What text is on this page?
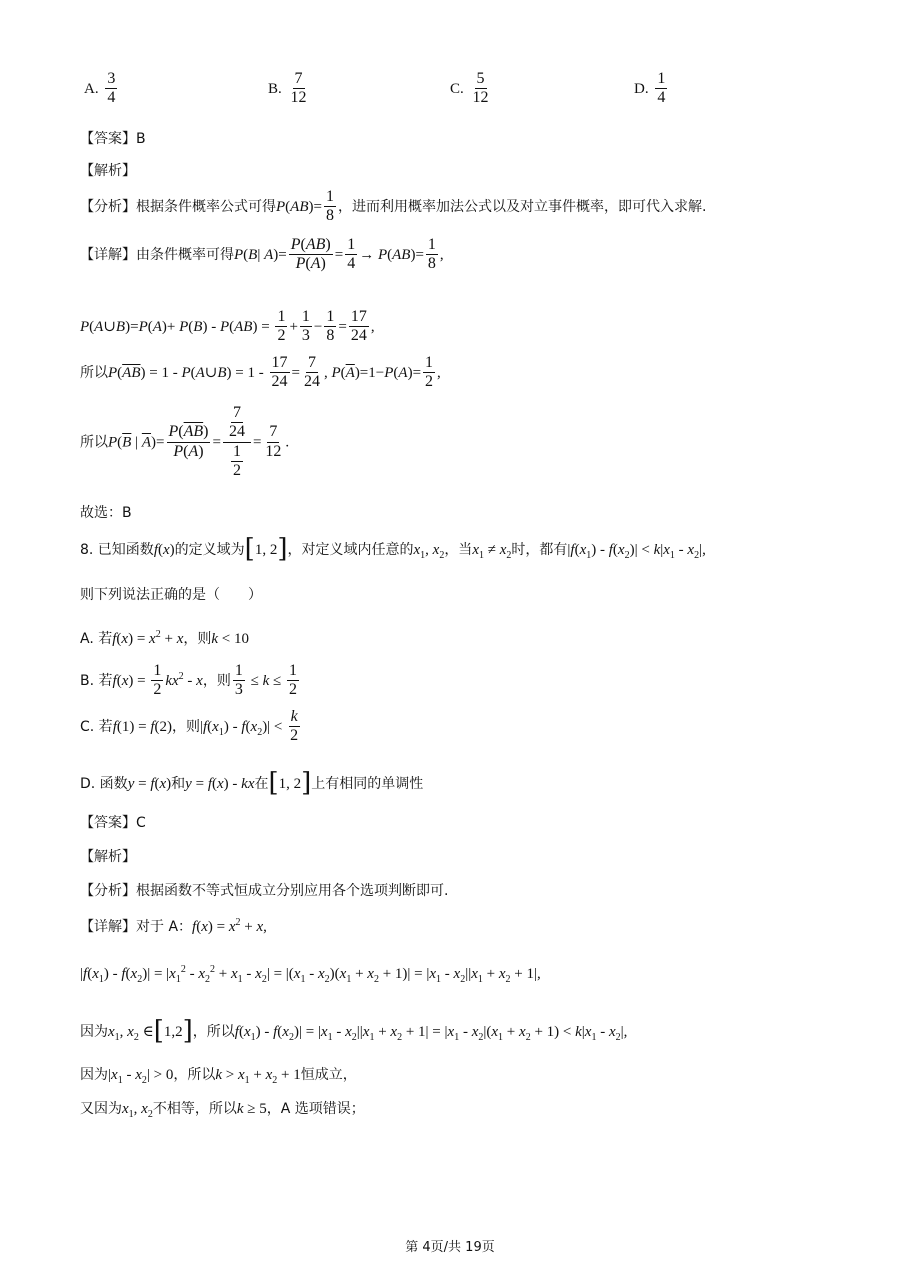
A. $\frac{3}{4}$	B. $\frac{7}{12}$	C. $\frac{5}{12}$	D. $\frac{1}{4}$
【答案】B
【解析】
【分析】根据条件概率公式可得$P(AB)= \frac{1}{8}$ ，进而利用概率加法公式以及对立事件概率，即可代入求解.
【详解】由条件概率可得P(B| $A)= \frac{P(AB)}{P(A)} = \frac{1}{4} \to P(AB)= \frac{1}{8}$ ,
P(A∪B)=P(A)+ $P(B) - P(AB) = \frac{1}{2} + \frac{1}{3} - \frac{1}{8} = \frac{17}{24}$ ,
所以$P(\overline{AB}) = 1$ - P(A∪B) = $1 - \frac{17}{24} = \frac{7}{24}$ , $P(\overline{A})=1-P(A)= \frac{1}{2}$ ,
所以$P(\overline{B}$ | $\overline{A})= \frac{P(\overline{AB})}{P(\overline{A})} = \frac{\frac{7}{24}}{\frac{1}{2}} = \frac{7}{12}$ .
故选：B
8. 已知函数f(x)的定义域为[1, 2]，对定义域内任意的$x_1$, $x_2$，当$x_1 \ne x_2$时，都有$|f(x_1) - f(x_2)| < k|x_1 - x_2|$,
则下列说法正确的是（　　）
A. 若$f(x) = x^2 + x$，则k < 10
B. 若$f(x) = \frac{1}{2} kx^2 - x$，则 $\frac{1}{3} \le k \le \frac{1}{2}$
C. 若f(1) = f(2)，则$|f(x_1) - f(x_2)| < \frac{k}{2}$
D. 函数y = f(x)和y = f(x) - kx在[1, 2]上有相同的单调性
【答案】C
【解析】
【分析】根据函数不等式恒成立分别应用各个选项判断即可.
【详解】对于 A：$f(x) = x^2 + x$,
$|f(x_1) - f(x_2)| = |x_1^2 - x_2^2 + x_1 - x_2| = |(x_1 - x_2)(x_1 + x_2 + 1)| = |x_1 - x_2||x_1 + x_2 + 1|$,
因为$x_1$, $x_2$ ∈[1,2]，所以$f(x_1) - f(x_2)| = |x_1 - x_2||x_1 + x_2 + 1| = |x_1 - x_2|(x_1 + x_2 + 1) < k|x_1 - x_2|$,
因为$|x_1 - x_2| > 0$，所以$k > x_1 + x_2 + 1$恒成立，
又因为$x_1$, $x_2$不相等，所以k ≥ 5，A 选项错误；
第 4页/共 19页
